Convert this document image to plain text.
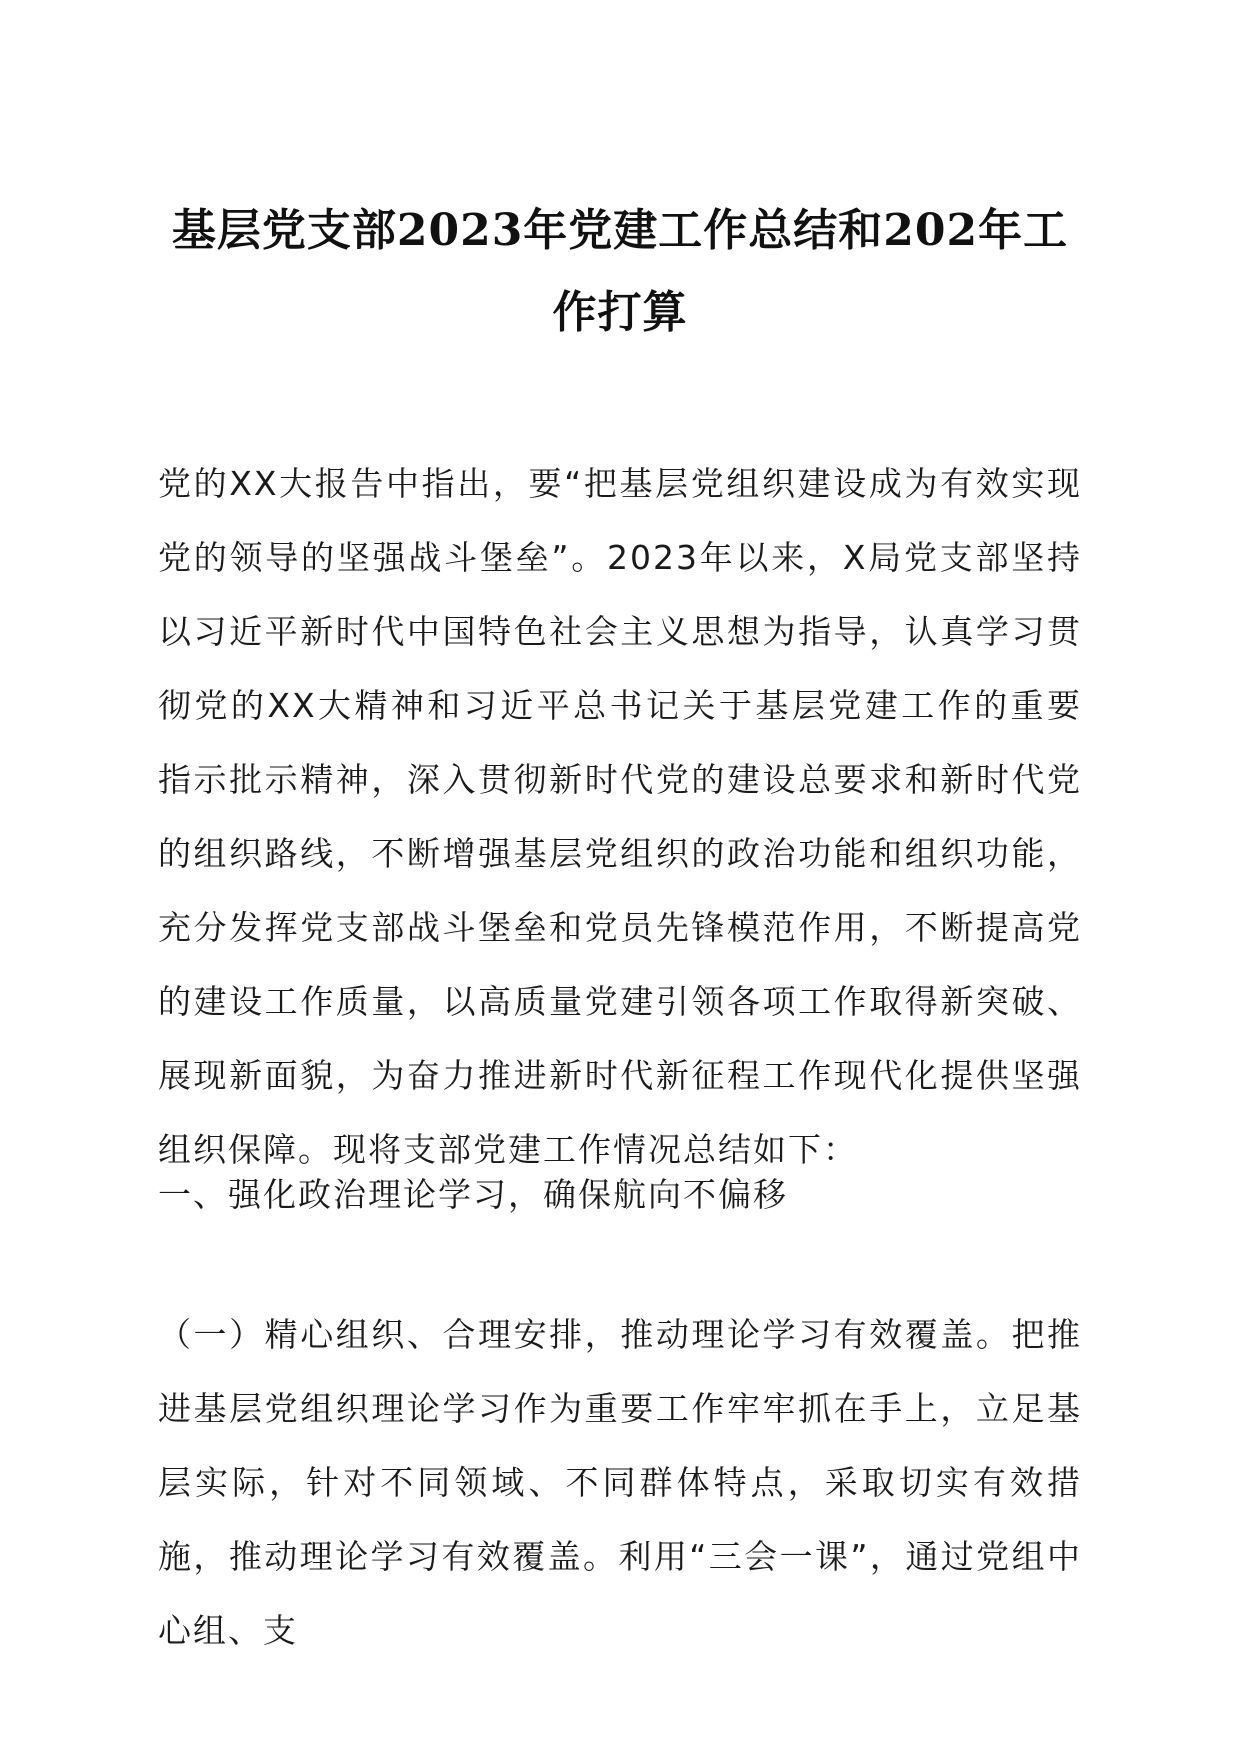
基层党支部2023年党建工作总结和202年工作打算

党的XX大报告中指出，要“把基层党组织建设成为有效实现党的领导的坚强战斗堡垒”。2023年以来，X局党支部坚持以习近平新时代中国特色社会主义思想为指导，认真学习贯彻党的XX大精神和习近平总书记关于基层党建工作的重要指示批示精神，深入贯彻新时代党的建设总要求和新时代党的组织路线，不断增强基层党组织的政治功能和组织功能，充分发挥党支部战斗堡垒和党员先锋模范作用，不断提高党的建设工作质量，以高质量党建引领各项工作取得新突破、展现新面貌，为奋力推进新时代新征程工作现代化提供坚强组织保障。现将支部党建工作情况总结如下：

一、强化政治理论学习，确保航向不偏移

（一）精心组织、合理安排，推动理论学习有效覆盖。把推进基层党组织理论学习作为重要工作牢牢抓在手上，立足基层实际，针对不同领域、不同群体特点，采取切实有效措施，推动理论学习有效覆盖。利用“三会一课”，通过党组中心组、支
